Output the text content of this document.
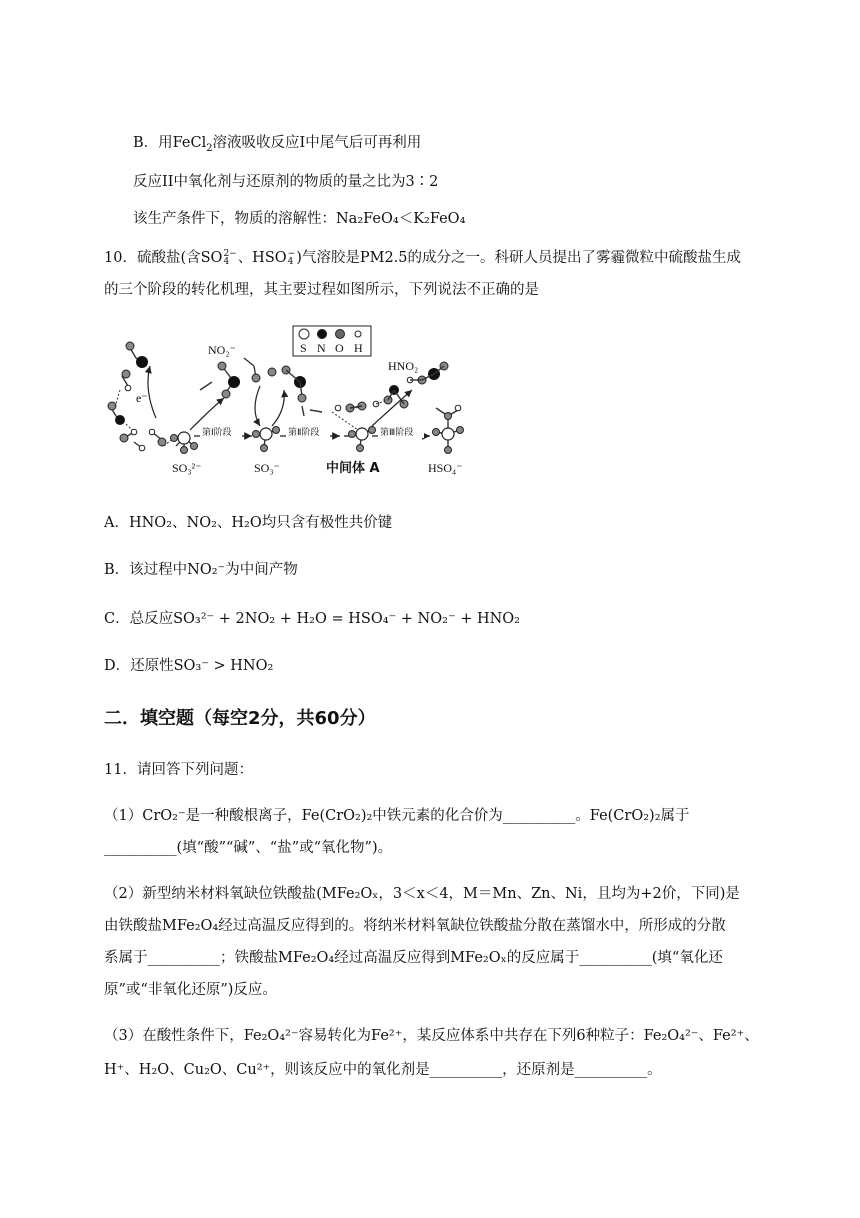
B．用FeCl$_2$溶液吸收反应I中尾气后可再利用
反应II中氧化剂与还原剂的物质的量之比为3∶2
该生产条件下，物质的溶解性：Na₂FeO₄＜K₂FeO₄
10．硫酸盐(含SO 2−
4 、HSO −
4 )气溶胶是PM2.5的成分之一。科研人员提出了雾霾微粒中硫酸盐生成
的三个阶段的转化机理，其主要过程如图所示，下列说法不正确的是
S N O H
SO₃²⁻
e⁻
NO₂⁻
第Ⅰ阶段
SO₃⁻
第Ⅱ阶段
中间体 A
HNO₂
第Ⅲ阶段
HSO₄⁻
A．HNO₂、NO₂、H₂O均只含有极性共价键
B．该过程中NO₂⁻为中间产物
C．总反应SO₃²⁻ + 2NO₂ + H₂O = HSO₄⁻ + NO₂⁻ + HNO₂
D．还原性SO₃⁻ > HNO₂
二．填空题（每空2分，共60分）
11．请回答下列问题：
（1）CrO₂⁻是一种酸根离子，Fe(CrO₂)₂中铁元素的化合价为__________。Fe(CrO₂)₂属于
__________(填“酸”“碱”、“盐”或“氧化物”)。
（2）新型纳米材料氧缺位铁酸盐(MFe₂Oₓ，3＜x＜4，M＝Mn、Zn、Ni，且均为+2价，下同)是
由铁酸盐MFe₂O₄经过高温反应得到的。将纳米材料氧缺位铁酸盐分散在蒸馏水中，所形成的分散
系属于__________；铁酸盐MFe₂O₄经过高温反应得到MFe₂Oₓ的反应属于__________(填“氧化还
原”或“非氧化还原”)反应。
（3）在酸性条件下，Fe₂O₄²⁻容易转化为Fe²⁺，某反应体系中共存在下列6种粒子：Fe₂O₄²⁻、Fe²⁺、
H⁺、H₂O、Cu₂O、Cu²⁺，则该反应中的氧化剂是__________，还原剂是__________。
